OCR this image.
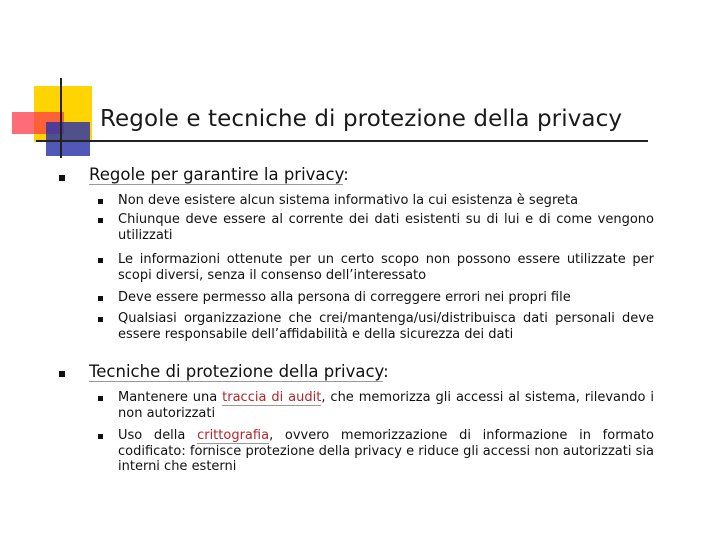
Regole e tecniche di protezione della privacy
Regole per garantire la privacy:
Non deve esistere alcun sistema informativo la cui esistenza è segreta
Chiunque deve essere al corrente dei dati esistenti su di lui e di come vengono utilizzati
Le informazioni ottenute per un certo scopo non possono essere utilizzate per scopi diversi, senza il consenso dell’interessato
Deve essere permesso alla persona di correggere errori nei propri file
Qualsiasi organizzazione che crei/mantenga/usi/distribuisca dati personali deve essere responsabile dell’affidabilità e della sicurezza dei dati
Tecniche di protezione della privacy:
Mantenere una traccia di audit, che memorizza gli accessi al sistema, rilevando i non autorizzati
Uso della crittografia, ovvero memorizzazione di informazione in formato codificato: fornisce protezione della privacy e riduce gli accessi non autorizzati sia interni che esterni
